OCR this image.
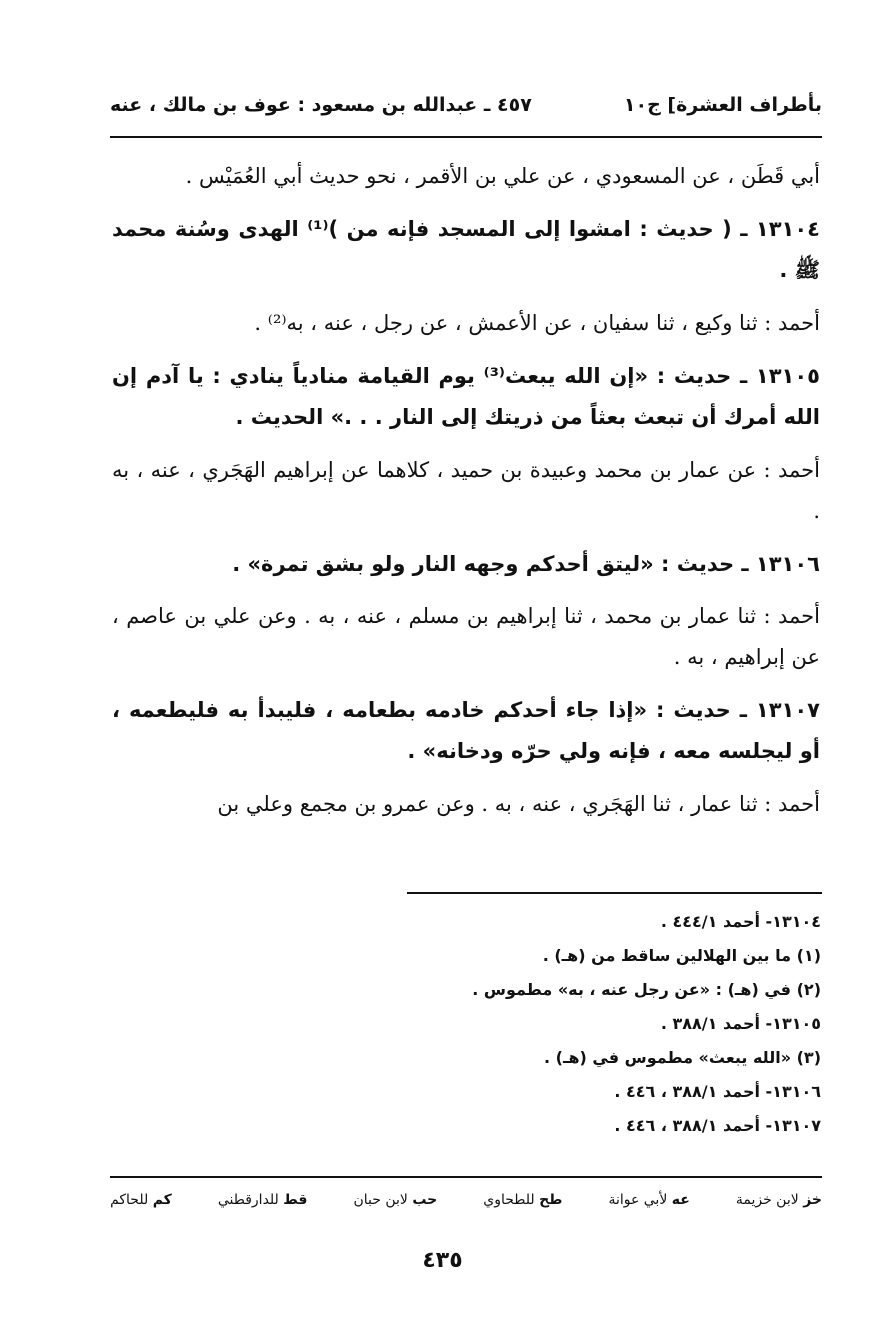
بأطراف العشرة] ج١٠
٤٥٧ ـ عبدالله بن مسعود : عوف بن مالك ، عنه

أبي قَطَن ، عن المسعودي ، عن علي بن الأقمر ، نحو حديث أبي العُمَيْس .

١٣١٠٤ ـ ( حديث : امشوا إلى المسجد فإنه من )⁽¹⁾ الهدى وسُنة محمد ﷺ .

أحمد : ثنا وكيع ، ثنا سفيان ، عن الأعمش ، عن رجل ، عنه ، به⁽²⁾ .

١٣١٠٥ ـ حديث : «إن الله يبعث⁽³⁾ يوم القيامة منادياً ينادي : يا آدم إن الله أمرك أن تبعث بعثاً من ذريتك إلى النار . . .» الحديث .

أحمد : عن عمار بن محمد وعبيدة بن حميد ، كلاهما عن إبراهيم الهَجَري ، عنه ، به .

١٣١٠٦ ـ حديث : «ليتق أحدكم وجهه النار ولو بشق تمرة» .

أحمد : ثنا عمار بن محمد ، ثنا إبراهيم بن مسلم ، عنه ، به . وعن علي بن عاصم ، عن إبراهيم ، به .

١٣١٠٧ ـ حديث : «إذا جاء أحدكم خادمه بطعامه ، فليبدأ به فليطعمه ، أو ليجلسه معه ، فإنه ولي حرّه ودخانه» .

أحمد : ثنا عمار ، ثنا الهَجَري ، عنه ، به . وعن عمرو بن مجمع وعلي بن

١٣١٠٤- أحمد ٤٤٤/١ .
(١) ما بين الهلالين ساقط من (هـ) .
(٢) في (هـ) : «عن رجل عنه ، به» مطموس .
١٣١٠٥- أحمد ٣٨٨/١ .
(٣) «الله يبعث» مطموس في (هـ) .
١٣١٠٦- أحمد ٣٨٨/١ ، ٤٤٦ .
١٣١٠٧- أحمد ٣٨٨/١ ، ٤٤٦ .
خز لابن خزيمة
عه لأبي عوانة
طح للطحاوي
حب لابن حبان
قط للدارقطني
كم للحاكم
٤٣٥
